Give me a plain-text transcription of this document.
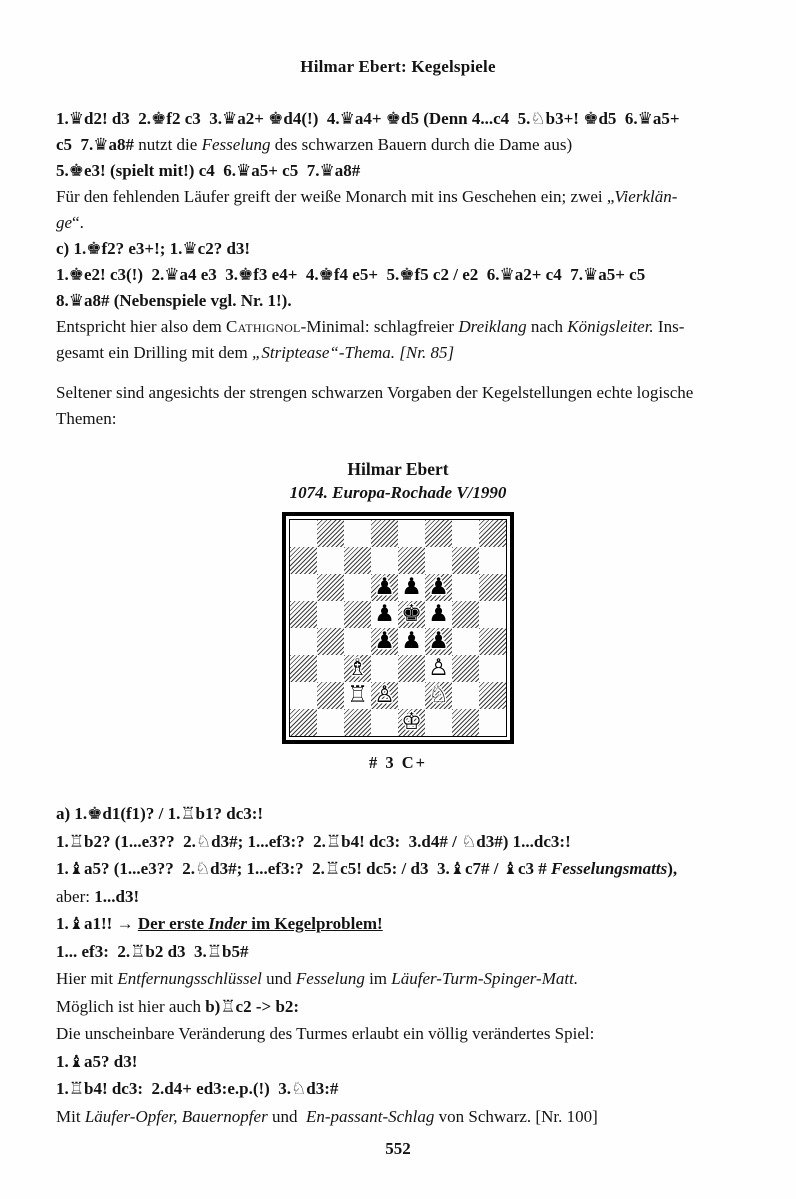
Hilmar Ebert: Kegelspiele
1.♛d2! d3  2.♚f2 c3  3.♛a2+ ♚d4(!)  4.♛a4+ ♚d5 (Denn 4...c4  5.♘b3+! ♚d5  6.♛a5+
c5  7.♛a8# nutzt die Fesselung des schwarzen Bauern durch die Dame aus)
5.♚e3! (spielt mit!) c4  6.♛a5+ c5  7.♛a8#
Für den fehlenden Läufer greift der weiße Monarch mit ins Geschehen ein; zwei „Vierklän-
ge“.
c) 1.♚f2? e3+!; 1.♛c2? d3!
1.♚e2! c3(!)  2.♛a4 e3  3.♚f3 e4+  4.♚f4 e5+  5.♚f5 c2 / e2  6.♛a2+ c4  7.♛a5+ c5
8.♛a8# (Nebenspiele vgl. Nr. 1!).
Entspricht hier also dem Cathignol-Minimal: schlagfreier Dreiklang nach Königsleiter. Ins-
gesamt ein Drilling mit dem „Striptease“-Thema. [Nr. 85]
Seltener sind angesichts der strengen schwarzen Vorgaben der Kegelstellungen echte logische
Themen:
Hilmar Ebert
1074. Europa-Rochade V/1990
♟ ♟ ♟
♟ ♚ ♟
♟ ♟ ♟
♗	♙
♖ ♙ ♘
♔
# 3 C+
a) 1.♚d1(f1)? / 1.♖b1? dc3:!
1.♖b2? (1...e3??  2.♘d3#; 1...ef3:?  2.♖b4! dc3:  3.d4# / ♘d3#) 1...dc3:!
1.♝a5? (1...e3??  2.♘d3#; 1...ef3:?  2.♖c5! dc5: / d3  3.♝c7# / ♝c3 # Fesselungsmatts),
aber: 1...d3!
1.♝a1!! → Der erste Inder im Kegelproblem!
1... ef3:  2.♖b2 d3  3.♖b5#
Hier mit Entfernungsschlüssel und Fesselung im Läufer-Turm-Spinger-Matt.
Möglich ist hier auch b)♖c2 -> b2:
Die unscheinbare Veränderung des Turmes erlaubt ein völlig verändertes Spiel:
1.♝a5? d3!
1.♖b4! dc3:  2.d4+ ed3:e.p.(!)  3.♘d3:#
Mit Läufer-Opfer, Bauernopfer und  En-passant-Schlag von Schwarz. [Nr. 100]
552
